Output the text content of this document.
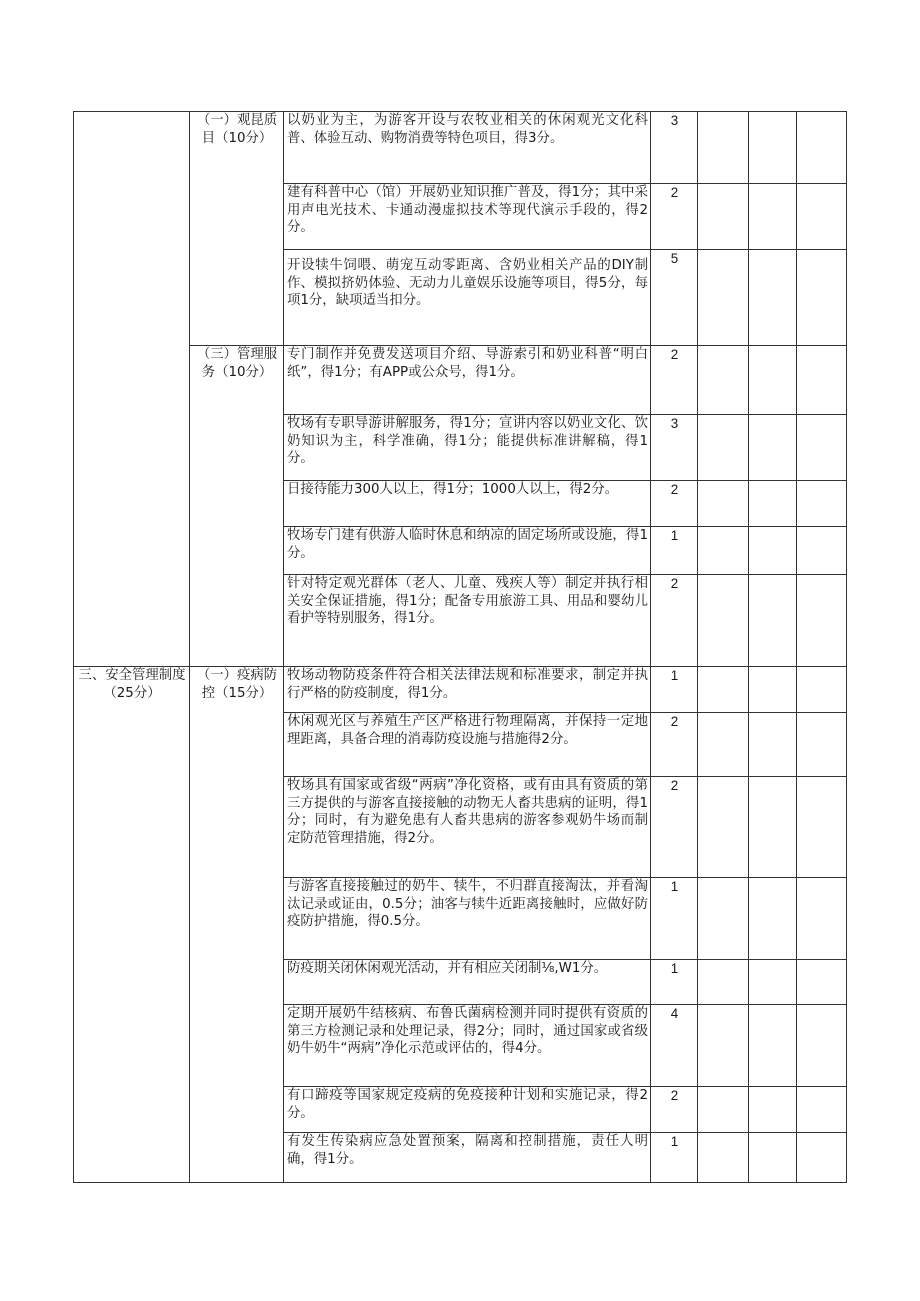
	（一）观昆质目（10分）	以奶业为主，为游客开设与农牧业相关的休闲观光文化科普、体验互动、购物消费等特色项目，得3分。	3			
		建有科普中心（馆）开展奶业知识推广普及，得1分；其中采用声电光技术、卡通动漫虚拟技术等现代演示手段的，得2分。	2			
		开设犊牛饲喂、萌宠互动零距离、含奶业相关产品的DIY制作、模拟挤奶体验、无动力儿童娱乐设施等项目，得5分，每项1分，缺项适当扣分。	5			
	（三）管理服务（10分）	专门制作并免费发送项目介绍、导游索引和奶业科普“明白纸”，得1分；有APP或公众号，得1分。	2			
		牧场有专职导游讲解服务，得1分；宣讲内容以奶业文化、饮奶知识为主，科学准确，得1分；能提供标准讲解稿，得1分。	3			
		日接待能力300人以上，得1分；1000人以上，得2分。	2			
		牧场专门建有供游人临时休息和纳凉的固定场所或设施，得1分。	1			
		针对特定观光群体（老人、儿童、残疾人等）制定并执行相关安全保证措施，得1分；配备专用旅游工具、用品和婴幼儿看护等特别服务，得1分。	2			
三、安全管理制度（25分）	（一）疫病防控（15分）	牧场动物防疫条件符合相关法律法规和标准要求，制定并执行严格的防疫制度，得1分。	1			
		休闲观光区与养殖生产区严格进行物理隔离，并保持一定地理距离，具备合理的消毒防疫设施与措施得2分。	2			
		牧场具有国家或省级“两病”净化资格，或有由具有资质的第三方提供的与游客直接接触的动物无人畜共患病的证明，得1分；同时，有为避免患有人畜共患病的游客参观奶牛场而制定防范管理措施，得2分。	2			
		与游客直接接触过的奶牛、犊牛，不归群直接淘汰，并看淘汰记录或证由，0.5分；油客与犊牛近距离接触时，应做好防疫防护措施，得0.5分。	1			
		防疫期关闭休闲观光活动，并有相应关闭制⅛,W1分。	1			
		定期开展奶牛结核病、布鲁氏菌病检测并同时提供有资质的第三方检测记录和处理记录，得2分；同时，通过国家或省级奶牛奶牛“两病”净化示范或评估的，得4分。	4			
		有口蹄疫等国家规定疫病的免疫接种计划和实施记录，得2分。	2			
		有发生传染病应急处置预案，隔离和控制措施，责任人明确，得1分。	1			
